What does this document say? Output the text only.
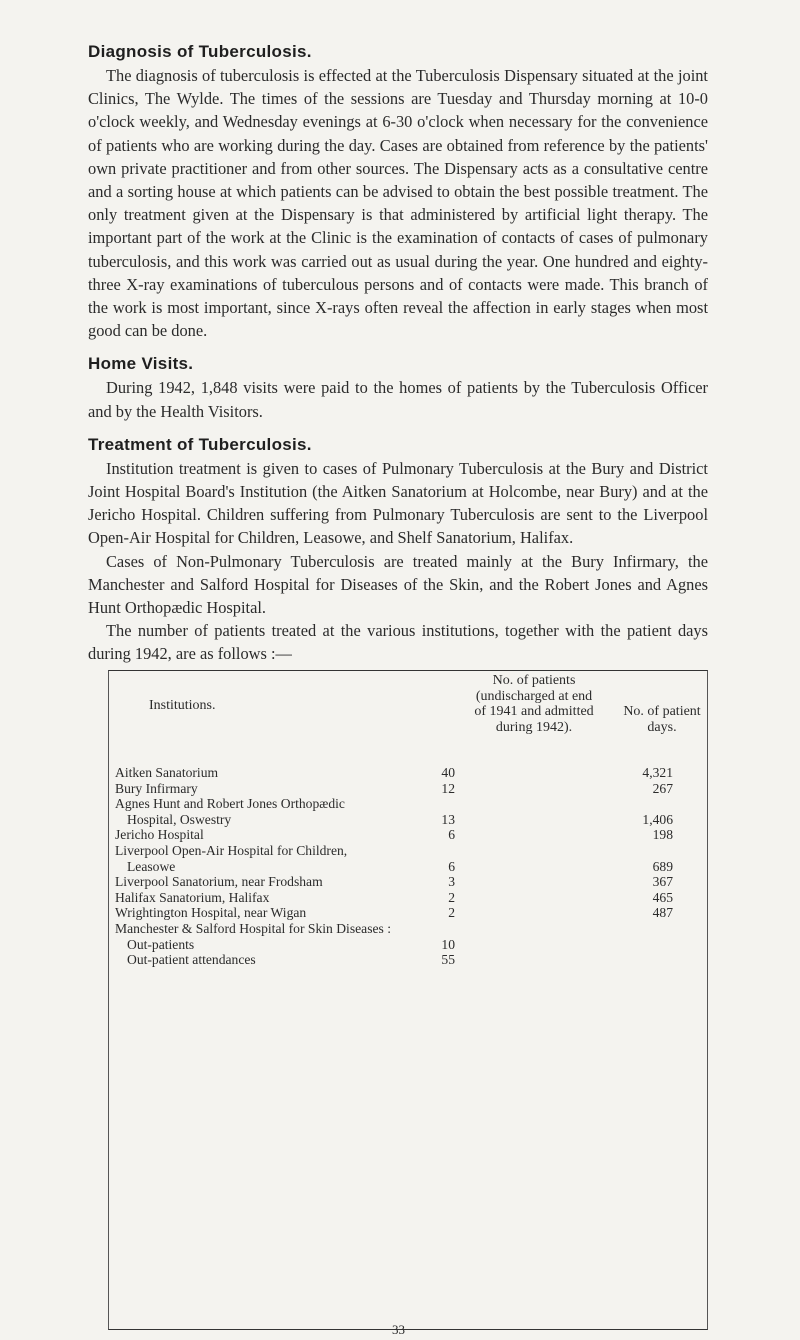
Diagnosis of Tuberculosis.

The diagnosis of tuberculosis is effected at the Tuberculosis Dispensary situated at the joint Clinics, The Wylde. The times of the sessions are Tuesday and Thursday morning at 10-0 o'clock weekly, and Wednesday evenings at 6-30 o'clock when necessary for the convenience of patients who are working during the day. Cases are obtained from reference by the patients' own private practitioner and from other sources. The Dispensary acts as a consultative centre and a sorting house at which patients can be advised to obtain the best possible treatment. The only treatment given at the Dispensary is that administered by artificial light therapy. The important part of the work at the Clinic is the examination of contacts of cases of pulmonary tuberculosis, and this work was carried out as usual during the year. One hundred and eighty-three X-ray examinations of tuberculous persons and of contacts were made. This branch of the work is most important, since X-rays often reveal the affection in early stages when most good can be done.

Home Visits.

During 1942, 1,848 visits were paid to the homes of patients by the Tuberculosis Officer and by the Health Visitors.

Treatment of Tuberculosis.

Institution treatment is given to cases of Pulmonary Tuberculosis at the Bury and District Joint Hospital Board's Institution (the Aitken Sanatorium at Holcombe, near Bury) and at the Jericho Hospital. Children suffering from Pulmonary Tuberculosis are sent to the Liverpool Open-Air Hospital for Children, Leasowe, and Shelf Sanatorium, Halifax.

Cases of Non-Pulmonary Tuberculosis are treated mainly at the Bury Infirmary, the Manchester and Salford Hospital for Diseases of the Skin, and the Robert Jones and Agnes Hunt Orthopædic Hospital.

The number of patients treated at the various institutions, together with the patient days during 1942, are as follows :—

Institutions.
No. of patients
(undischarged at end
of 1941 and admitted
during 1942).
No. of patient
days.
Aitken Sanatorium	40	4,321
Bury Infirmary	12	267
Agnes Hunt and Robert Jones Orthopædic
Hospital, Oswestry	13	1,406
Jericho Hospital	6	198
Liverpool Open-Air Hospital for Children,
Leasowe	6	689
Liverpool Sanatorium, near Frodsham	3	367
Halifax Sanatorium, Halifax	2	465
Wrightington Hospital, near Wigan	2	487
Manchester & Salford Hospital for Skin Diseases :
Out-patients	10
Out-patient attendances	55
33
